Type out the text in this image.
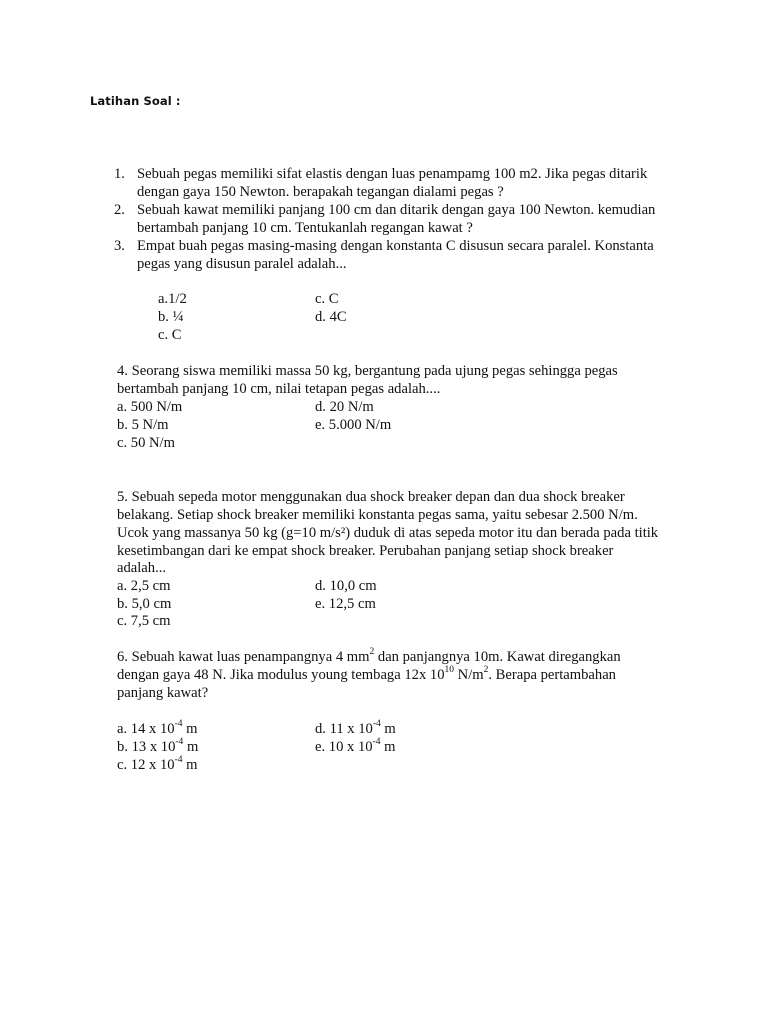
Latihan Soal :
1. Sebuah pegas memiliki sifat elastis dengan luas penampamg 100 m2. Jika pegas ditarik
dengan gaya 150 Newton. berapakah tegangan dialami pegas ?
2. Sebuah kawat memiliki panjang 100 cm dan ditarik dengan gaya 100 Newton. kemudian
bertambah panjang 10 cm. Tentukanlah regangan kawat ?
3. Empat buah pegas masing-masing dengan konstanta C disusun secara paralel. Konstanta
pegas yang disusun paralel adalah...
a.1/2
b. ¼
c. C
c. C
d. 4C
4. Seorang siswa memiliki massa 50 kg, bergantung pada ujung pegas sehingga pegas
bertambah panjang 10 cm, nilai tetapan pegas adalah....
a. 500 N/m
b. 5 N/m
c. 50 N/m
d. 20 N/m
e. 5.000 N/m
5. Sebuah sepeda motor menggunakan dua shock breaker depan dan dua shock breaker
belakang. Setiap shock breaker memiliki konstanta pegas sama, yaitu sebesar 2.500 N/m.
Ucok yang massanya 50 kg (g=10 m/s²) duduk di atas sepeda motor itu dan berada pada titik
kesetimbangan dari ke empat shock breaker. Perubahan panjang setiap shock breaker
adalah...
a. 2,5 cm
b. 5,0 cm
c. 7,5 cm
d. 10,0 cm
e. 12,5 cm
6. Sebuah kawat luas penampangnya 4 $mm^2$ dan panjangnya 10m. Kawat diregangkan
dengan gaya 48 N. Jika modulus young tembaga 12x $10^{10}$ $N/m^2$. Berapa pertambahan
panjang kawat?
a. 14 x $10^{-4}$ m
b. 13 x $10^{-4}$ m
c. 12 x $10^{-4}$ m
d. 11 x $10^{-4}$ m
e. 10 x $10^{-4}$ m
